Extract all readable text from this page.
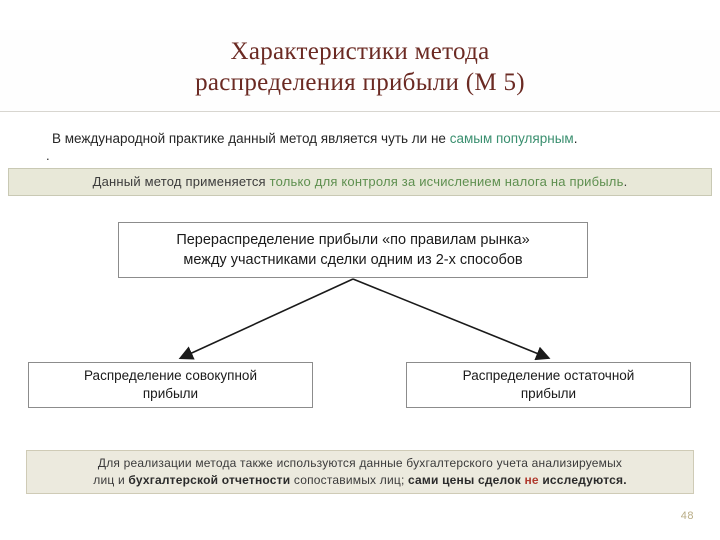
Характеристики метода
распределения прибыли (М 5)
.
В международной практике данный метод является чуть ли не самым популярным.
Данный метод применяется только для контроля за исчислением налога на прибыль.

Перераспределение прибыли «по правилам рынка»
между участниками сделки одним из 2-х способов

Распределение совокупной
прибыли

Распределение остаточной
прибыли

Для реализации метода также используются данные бухгалтерского учета анализируемых
лиц и бухгалтерской отчетности сопоставимых лиц; сами цены сделок не исследуются.
48
